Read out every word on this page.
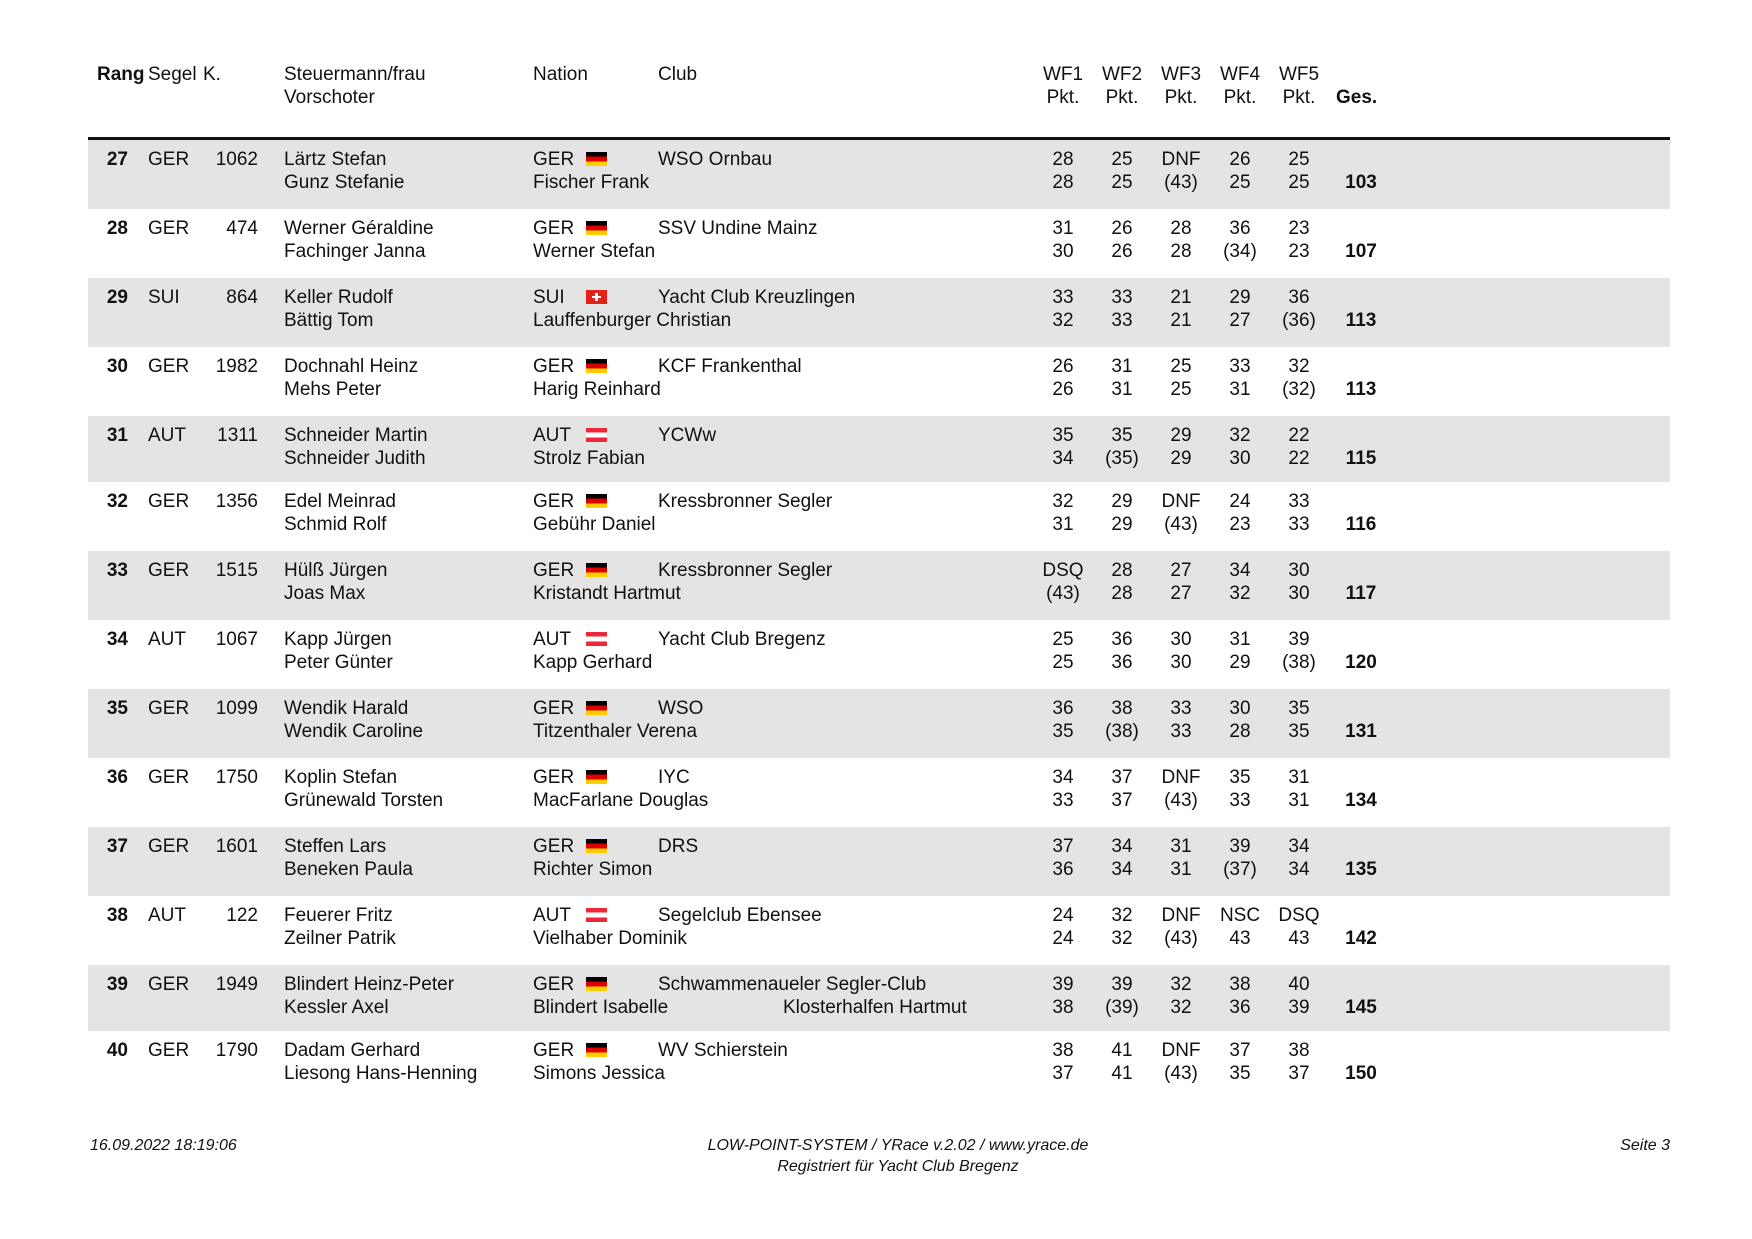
Rang Segel K.	Steuermann/frau
Vorschoter
Nation	Club	WF1
Pkt.
WF2
Pkt.
WF3
Pkt.
WF4
Pkt.
WF5
Pkt.	Ges.
27 GER	1062 Lärtz Stefan
Gunz Stefanie
GER	WSO Ornbau
Fischer Frank
28	25	DNF	26	25
28	25	(43)	25	25	103
28 GER	474 Werner Géraldine
Fachinger Janna
GER	SSV Undine Mainz
Werner Stefan
31	26	28	36	23
30	26	28	(34)	23	107
29 SUI	864 Keller Rudolf
Bättig Tom
SUI	Yacht Club Kreuzlingen
Lauffenburger Christian
33	33	21	29	36
32	33	21	27	(36)	113
30 GER	1982 Dochnahl Heinz
Mehs Peter
GER	KCF Frankenthal
Harig Reinhard
26	31	25	33	32
26	31	25	31	(32)	113
31 AUT	1311 Schneider Martin
Schneider Judith
AUT	YCWw
Strolz Fabian
35	35	29	32	22
34	(35)	29	30	22	115
32 GER	1356 Edel Meinrad
Schmid Rolf
GER	Kressbronner Segler
Gebühr Daniel
32	29	DNF	24	33
31	29	(43)	23	33	116
33 GER	1515 Hülß Jürgen
Joas Max
GER	Kressbronner Segler
Kristandt Hartmut
DSQ	28	27	34	30
(43)	28	27	32	30	117
34 AUT	1067 Kapp Jürgen
Peter Günter
AUT	Yacht Club Bregenz
Kapp Gerhard
25	36	30	31	39
25	36	30	29	(38)	120
35 GER	1099 Wendik Harald
Wendik Caroline
GER	WSO
Titzenthaler Verena
36	38	33	30	35
35	(38)	33	28	35	131
36 GER	1750 Koplin Stefan
Grünewald Torsten
GER	IYC
MacFarlane Douglas
34	37	DNF	35	31
33	37	(43)	33	31	134
37 GER	1601 Steffen Lars
Beneken Paula
GER	DRS
Richter Simon
37	34	31	39	34
36	34	31	(37)	34	135
38 AUT	122 Feuerer Fritz
Zeilner Patrik
AUT	Segelclub Ebensee
Vielhaber Dominik
24	32	DNF	NSC DSQ
24	32	(43)	43	43	142
39 GER	1949 Blindert Heinz-Peter
Kessler Axel
GER	Schwammenaueler Segler-Club
Blindert Isabelle	Klosterhalfen Hartmut
39	39	32	38	40
38	(39)	32	36	39	145
40 GER	1790 Dadam Gerhard
Liesong Hans-Henning
GER	WV Schierstein
Simons Jessica
38	41	DNF	37	38
37	41	(43)	35	37	150
16.09.2022 18:19:06	LOW-POINT-SYSTEM / YRace v.2.02 / www.yrace.de
Registriert für Yacht Club Bregenz
Seite 3
